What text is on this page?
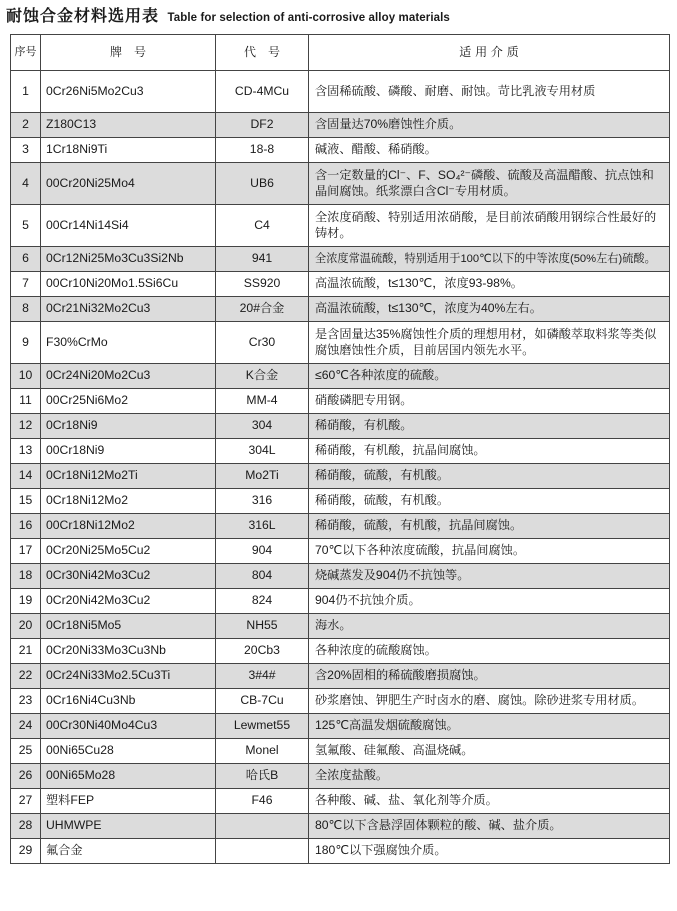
耐蚀合金材料选用表 Table for selection of anti-corrosive alloy materials
序号	牌　号	代　号	适 用 介 质
1	0Cr26Ni5Mo2Cu3	CD-4MCu	含固稀硫酸、磷酸、耐磨、耐蚀。苛比乳液专用材质
2	Z180C13	DF2	含固量达70%磨蚀性介质。
3	1Cr18Ni9Ti	18-8	碱液、醋酸、稀硝酸。
4	00Cr20Ni25Mo4	UB6	含一定数量的Cl⁻、F、SO₄²⁻磷酸、硫酸及高温醋酸、抗点蚀和晶间腐蚀。纸浆漂白含Cl⁻专用材质。
5	00Cr14Ni14Si4	C4	全浓度硝酸、特别适用浓硝酸，是目前浓硝酸用钢综合性最好的铸材。
6	0Cr12Ni25Mo3Cu3Si2Nb	941	全浓度常温硫酸，特别适用于100℃以下的中等浓度(50%左右)硫酸。
7	00Cr10Ni20Mo1.5Si6Cu	SS920	高温浓硫酸，t≤130℃，浓度93-98%。
8	0Cr21Ni32Mo2Cu3	20#合金	高温浓硫酸，t≤130℃，浓度为40%左右。
9	F30%CrMo	Cr30	是含固量达35%腐蚀性介质的理想用材，如磷酸萃取料浆等类似腐蚀磨蚀性介质，目前居国内领先水平。
10	0Cr24Ni20Mo2Cu3	K合金	≤60℃各种浓度的硫酸。
11	00Cr25Ni6Mo2	MM-4	硝酸磷肥专用钢。
12	0Cr18Ni9	304	稀硝酸，有机酸。
13	00Cr18Ni9	304L	稀硝酸，有机酸，抗晶间腐蚀。
14	0Cr18Ni12Mo2Ti	Mo2Ti	稀硝酸，硫酸，有机酸。
15	0Cr18Ni12Mo2	316	稀硝酸，硫酸，有机酸。
16	00Cr18Ni12Mo2	316L	稀硝酸，硫酸，有机酸，抗晶间腐蚀。
17	0Cr20Ni25Mo5Cu2	904	70℃以下各种浓度硫酸，抗晶间腐蚀。
18	0Cr30Ni42Mo3Cu2	804	烧碱蒸发及904仍不抗蚀等。
19	0Cr20Ni42Mo3Cu2	824	904仍不抗蚀介质。
20	0Cr18Ni5Mo5	NH55	海水。
21	0Cr20Ni33Mo3Cu3Nb	20Cb3	各种浓度的硫酸腐蚀。
22	0Cr24Ni33Mo2.5Cu3Ti	3#4#	含20%固相的稀硫酸磨损腐蚀。
23	0Cr16Ni4Cu3Nb	CB-7Cu	砂浆磨蚀、钾肥生产时卤水的磨、腐蚀。除砂进浆专用材质。
24	00Cr30Ni40Mo4Cu3	Lewmet55	125℃高温发烟硫酸腐蚀。
25	00Ni65Cu28	Monel	氢氟酸、硅氟酸、高温烧碱。
26	00Ni65Mo28	哈氏B	全浓度盐酸。
27	塑料FEP	F46	各种酸、碱、盐、氧化剂等介质。
28	UHMWPE		80℃以下含悬浮固体颗粒的酸、碱、盐介质。
29	氟合金		180℃以下强腐蚀介质。
